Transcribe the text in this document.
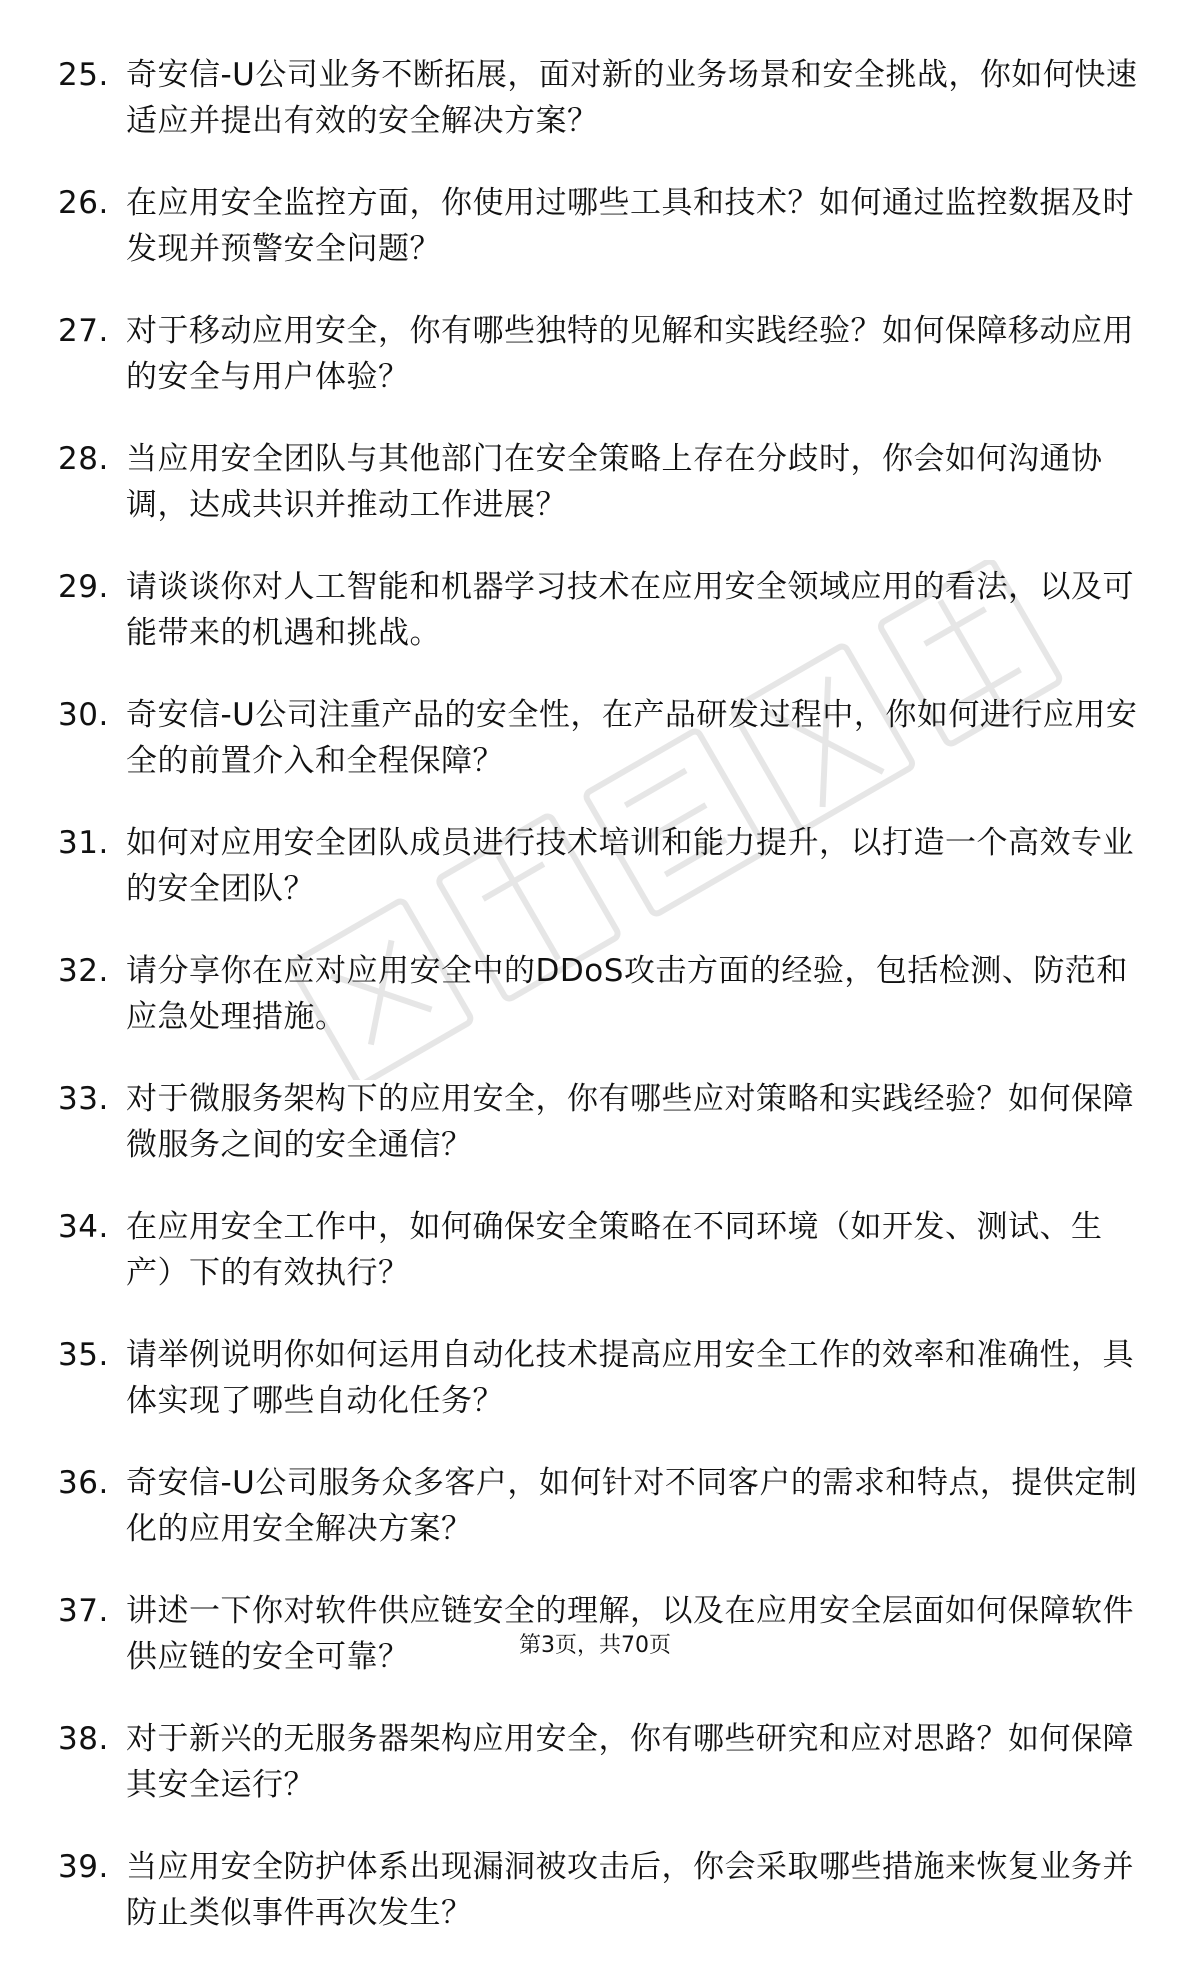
25. 奇安信-U公司业务不断拓展，面对新的业务场景和安全挑战，你如何快速适应并提出有效的安全解决方案？
26. 在应用安全监控方面，你使用过哪些工具和技术？如何通过监控数据及时发现并预警安全问题？
27. 对于移动应用安全，你有哪些独特的见解和实践经验？如何保障移动应用的安全与用户体验？
28. 当应用安全团队与其他部门在安全策略上存在分歧时，你会如何沟通协调，达成共识并推动工作进展？
29. 请谈谈你对人工智能和机器学习技术在应用安全领域应用的看法，以及可能带来的机遇和挑战。
30. 奇安信-U公司注重产品的安全性，在产品研发过程中，你如何进行应用安全的前置介入和全程保障？
31. 如何对应用安全团队成员进行技术培训和能力提升，以打造一个高效专业的安全团队？
32. 请分享你在应对应用安全中的DDoS攻击方面的经验，包括检测、防范和应急处理措施。
33. 对于微服务架构下的应用安全，你有哪些应对策略和实践经验？如何保障微服务之间的安全通信？
34. 在应用安全工作中，如何确保安全策略在不同环境（如开发、测试、生产）下的有效执行？
35. 请举例说明你如何运用自动化技术提高应用安全工作的效率和准确性，具体实现了哪些自动化任务？
36. 奇安信-U公司服务众多客户，如何针对不同客户的需求和特点，提供定制化的应用安全解决方案？
37. 讲述一下你对软件供应链安全的理解，以及在应用安全层面如何保障软件供应链的安全可靠？
38. 对于新兴的无服务器架构应用安全，你有哪些研究和应对思路？如何保障其安全运行？
39. 当应用安全防护体系出现漏洞被攻击后，你会采取哪些措施来恢复业务并防止类似事件再次发生？
第3页，共70页
